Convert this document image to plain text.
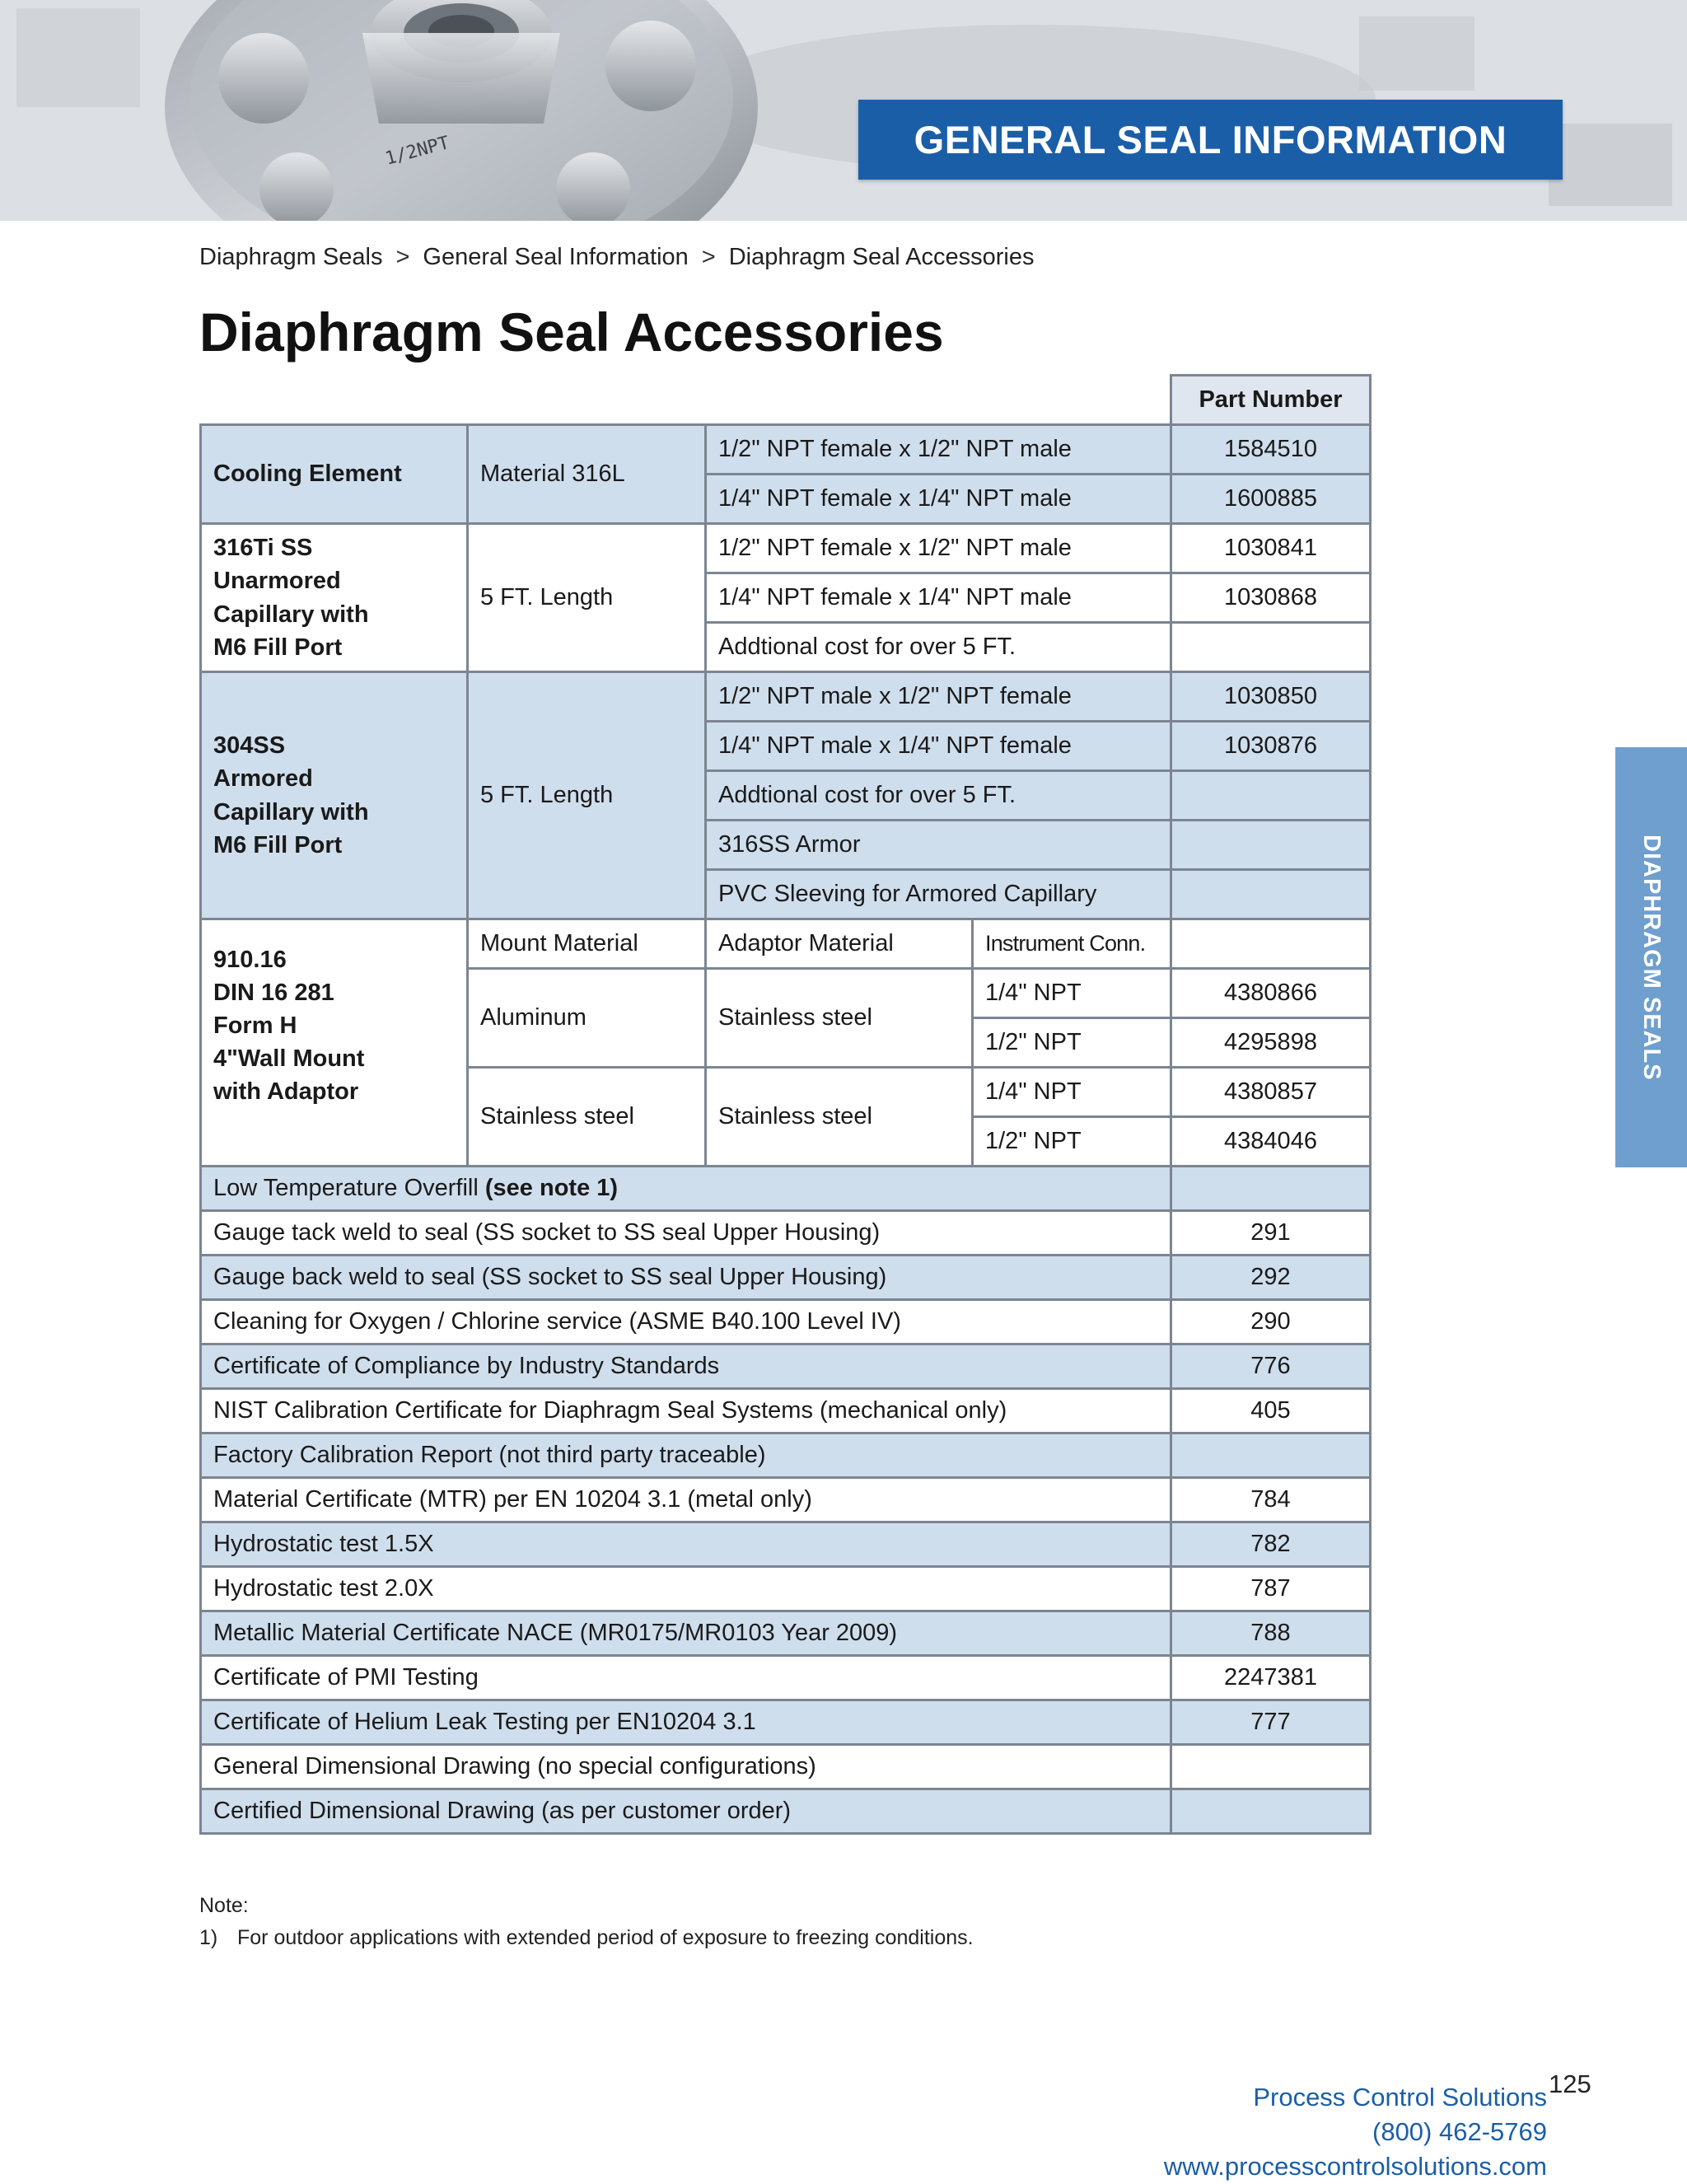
1/2NPT	GENERAL SEAL INFORMATION
Diaphragm Seals > General Seal Information > Diaphragm Seal Accessories
Diaphragm Seal Accessories
				Part Number
Cooling Element	Material 316L	1/2" NPT female x 1/2" NPT male		1584510
		1/4" NPT female x 1/4" NPT male		1600885
316Ti SS
Unarmored
Capillary with
M6 Fill Port	5 FT. Length	1/2" NPT female x 1/2" NPT male		1030841
		1/4" NPT female x 1/4" NPT male		1030868
		Addtional cost for over 5 FT.		
304SS
Armored
Capillary with
M6 Fill Port	5 FT. Length	1/2" NPT male x 1/2" NPT female		1030850
		1/4" NPT male x 1/4" NPT female		1030876
		Addtional cost for over 5 FT.		
		316SS Armor		
		PVC Sleeving for Armored Capillary		
910.16
DIN 16 281
Form H
4"Wall Mount
with Adaptor	Mount Material	Adaptor Material	Instrument Conn.	
	Aluminum	Stainless steel	1/4" NPT	4380866
			1/2" NPT	4295898
	Stainless steel	Stainless steel	1/4" NPT	4380857
			1/2" NPT	4384046
Low Temperature Overfill (see note 1)				
Gauge tack weld to seal (SS socket to SS seal Upper Housing)				291
Gauge back weld to seal (SS socket to SS seal Upper Housing)				292
Cleaning for Oxygen / Chlorine service (ASME B40.100 Level IV)				290
Certificate of Compliance by Industry Standards				776
NIST Calibration Certificate for Diaphragm Seal Systems (mechanical only)				405
Factory Calibration Report (not third party traceable)				
Material Certificate (MTR) per EN 10204 3.1 (metal only)				784
Hydrostatic test 1.5X				782
Hydrostatic test 2.0X				787
Metallic Material Certificate NACE (MR0175/MR0103 Year 2009)				788
Certificate of PMI Testing				2247381
Certificate of Helium Leak Testing per EN10204 3.1				777
General Dimensional Drawing (no special configurations)				
Certified Dimensional Drawing (as per customer order)				
Note:
1) For outdoor applications with extended period of exposure to freezing conditions.
DIAPHRAGM SEALS
125
Process Control Solutions
(800) 462-5769
www.processcontrolsolutions.com
